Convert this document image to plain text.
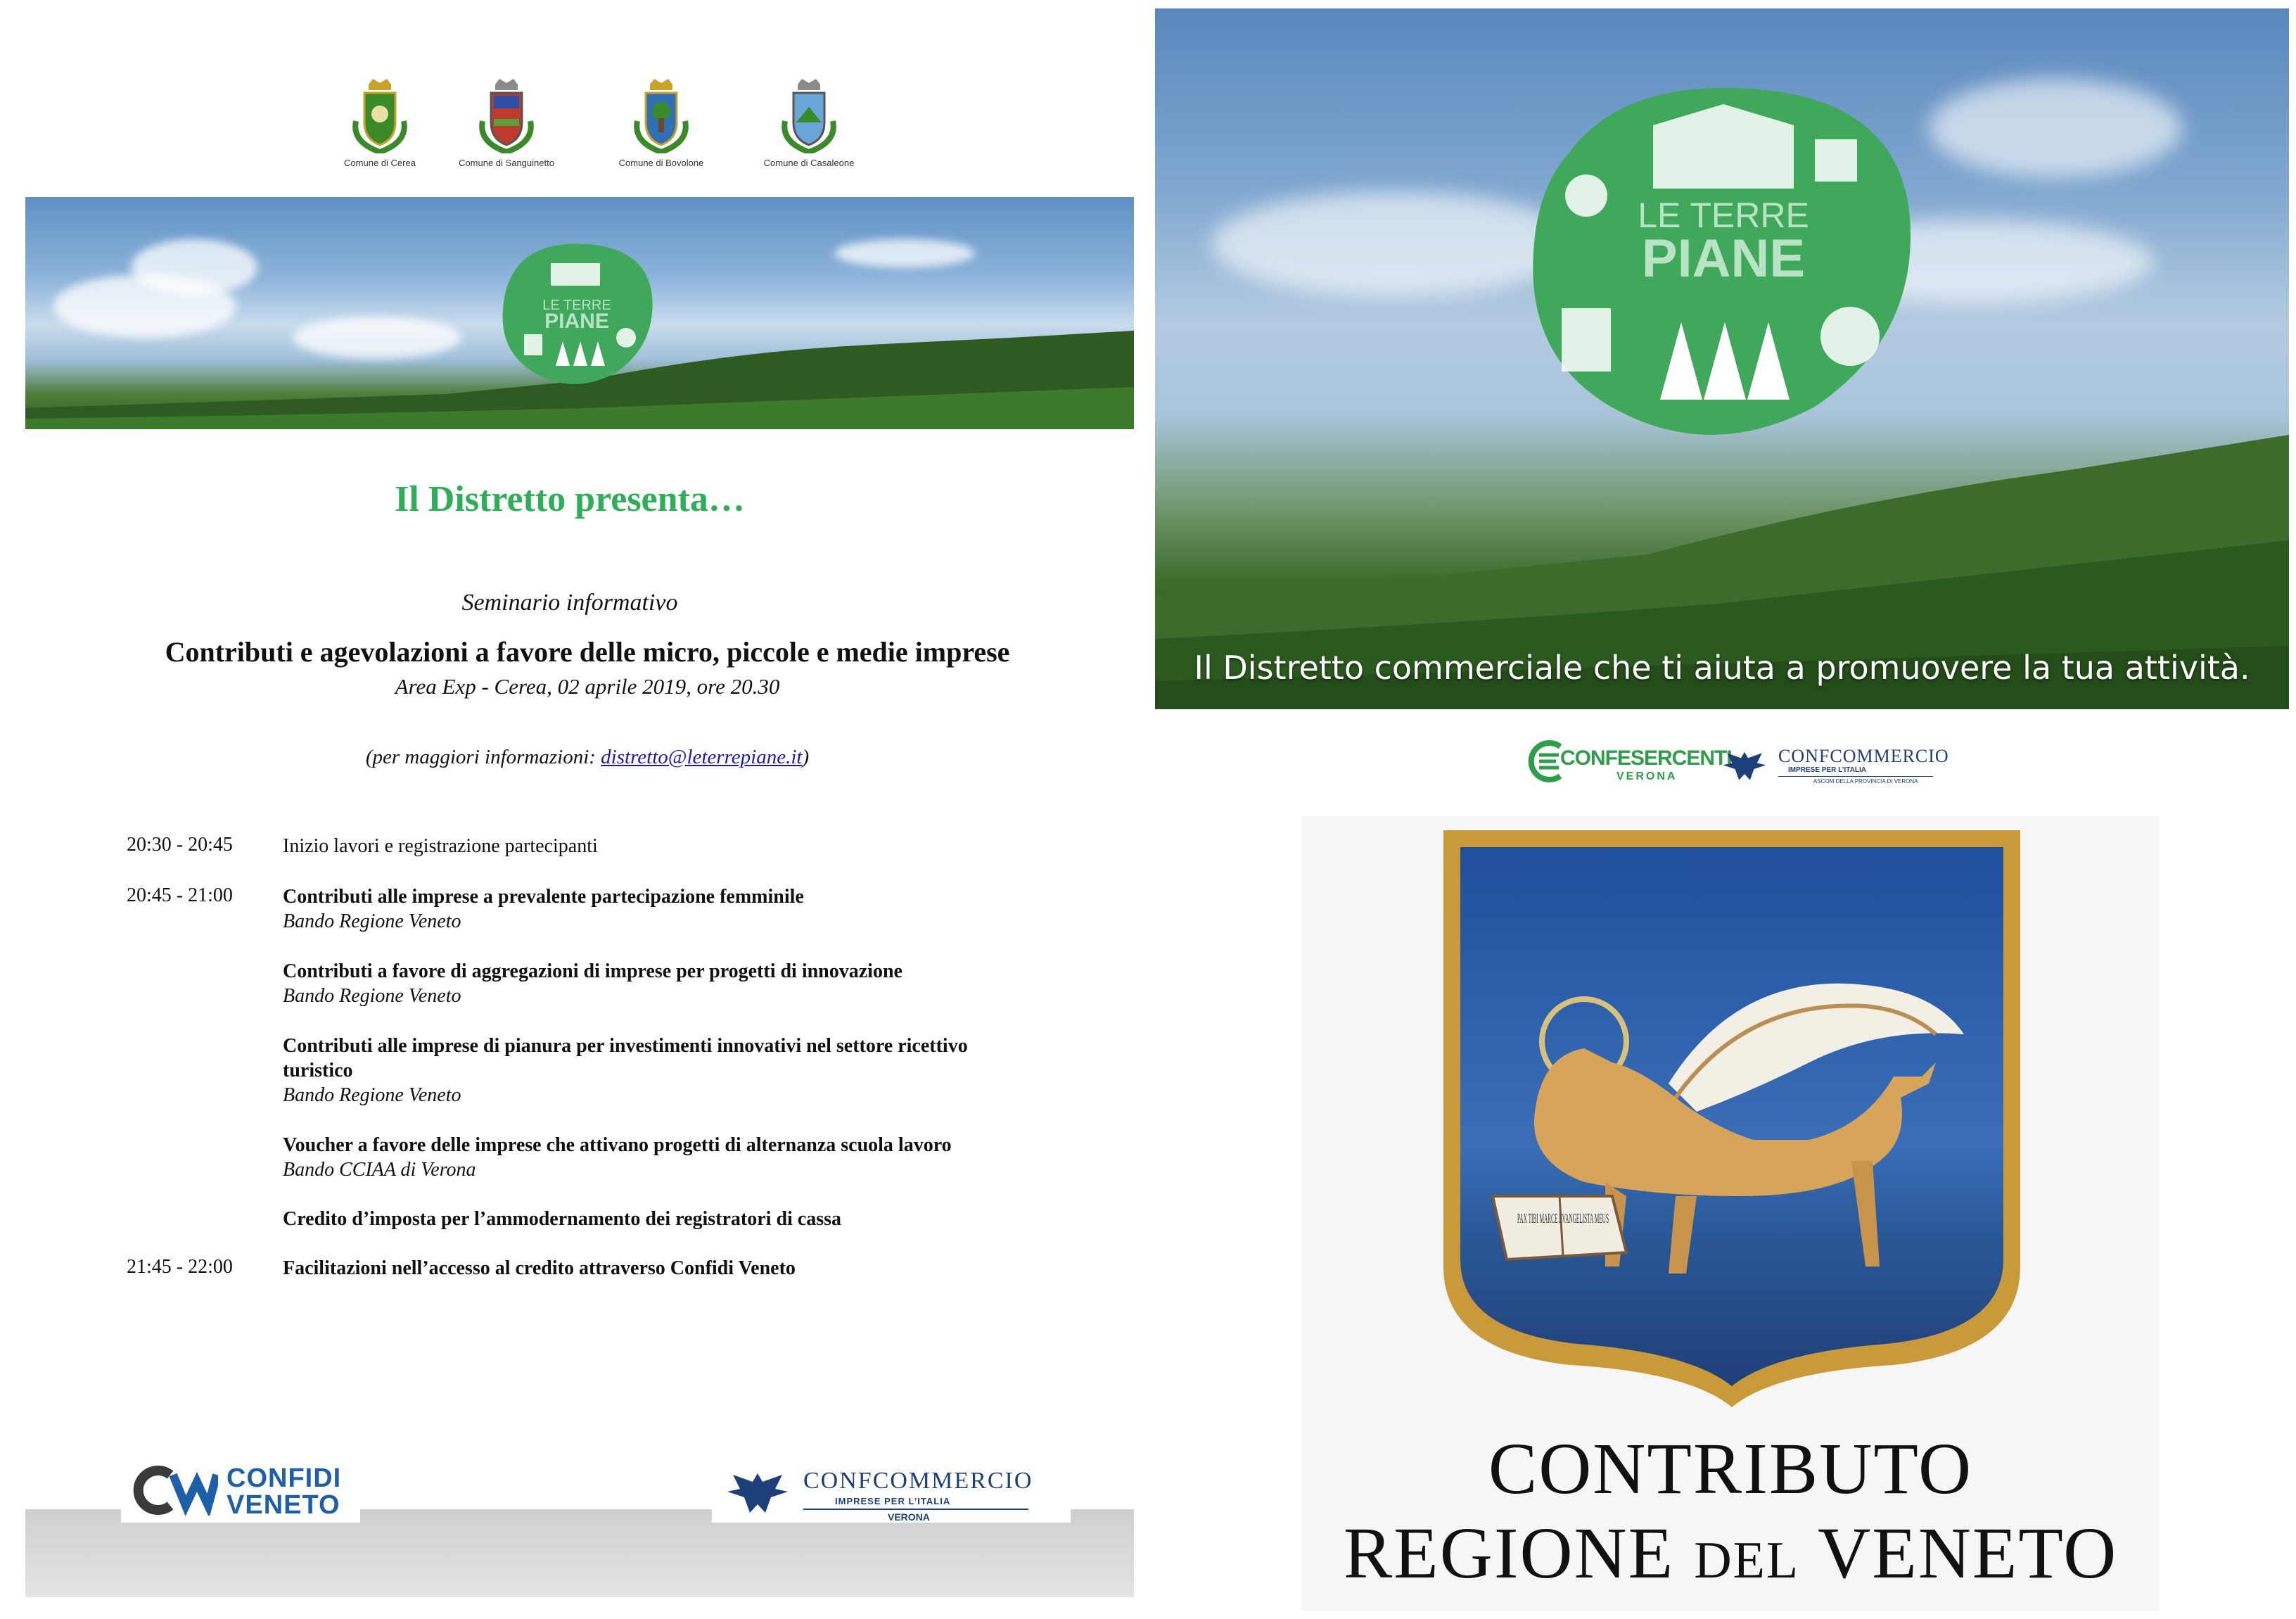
Comune di Cerea	Comune di Sanguinetto	Comune di Bovolone	Comune di Casaleone
LE TERRE
PIANE
Il Distretto presenta…
Seminario informativo
Contributi e agevolazioni a favore delle micro, piccole e medie imprese
Area Exp - Cerea, 02 aprile 2019, ore 20.30
(per maggiori informazioni: distretto@leterrepiane.it)
20:30 - 20:45	Inizio lavori e registrazione partecipanti
20:45 - 21:00	Contributi alle imprese a prevalente partecipazione femminile
Bando Regione Veneto
Contributi a favore di aggregazioni di imprese per progetti di innovazione
Bando Regione Veneto
Contributi alle imprese di pianura per investimenti innovativi nel settore ricettivo turistico
Bando Regione Veneto
Voucher a favore delle imprese che attivano progetti di alternanza scuola lavoro
Bando CCIAA di Verona
Credito d’imposta per l’ammodernamento dei registratori di cassa
21:45 - 22:00	Facilitazioni nell’accesso al credito attraverso Confidi Veneto
CONFIDI
VENETO
CONFCOMMERCIO
IMPRESE PER L’ITALIA
VERONA
LE TERRE
PIANE
Il Distretto commerciale che ti aiuta a promuovere la tua attività.
CONFESERCENTI
VERONA
CONFCOMMERCIO
IMPRESE PER L’ITALIA
ASCOM DELLA PROVINCIA DI VERONA
PAX TIBI MARCE EVANGELISTA MEUS
CONTRIBUTO
REGIONE DEL VENETO
